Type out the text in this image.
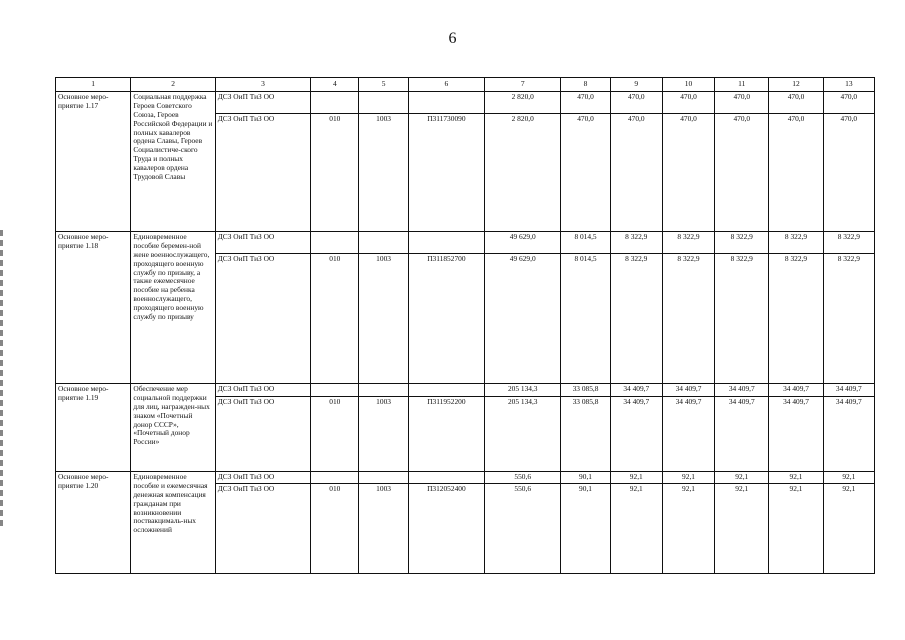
6
1	2	3	4	5	6	7	8	9	10	11	12	13
Основное меро-приятие 1.17	Социальная поддержка Героев Советского Союза, Героев Российской Федерации и полных кавалеров ордена Славы, Героев Социалистиче-ского Труда и полных кавалеров ордена Трудовой Славы	ДСЗ ОиП ТиЗ ОО				2 820,0	470,0	470,0	470,0	470,0	470,0	470,0
		ДСЗ ОиП ТиЗ ОО	010	1003	П311730090	2 820,0	470,0	470,0	470,0	470,0	470,0	470,0
Основное меро-приятие 1.18	Единовременное пособие беремен-ной жене военнослужащего, проходящего военную службу по призыву, а также ежемесячное пособие на ребенка военнослужащего, проходящего военную службу по призыву	ДСЗ ОиП ТиЗ ОО				49 629,0	8 014,5	8 322,9	8 322,9	8 322,9	8 322,9	8 322,9
		ДСЗ ОиП ТиЗ ОО	010	1003	П311852700	49 629,0	8 014,5	8 322,9	8 322,9	8 322,9	8 322,9	8 322,9
Основное меро-приятие 1.19	Обеспечение мер социальной поддержки для лиц, награжден-ных знаком «Почетный донор СССР», «Почетный донор России»	ДСЗ ОиП ТиЗ ОО				205 134,3	33 085,8	34 409,7	34 409,7	34 409,7	34 409,7	34 409,7
		ДСЗ ОиП ТиЗ ОО	010	1003	П311952200	205 134,3	33 085,8	34 409,7	34 409,7	34 409,7	34 409,7	34 409,7
Основное меро-приятие 1.20	Единовременное пособие и ежемесячная денежная компенсация гражданам при возникновении поствакцималь-ных осложнений	ДСЗ ОиП ТиЗ ОО				550,6	90,1	92,1	92,1	92,1	92,1	92,1
		ДСЗ ОиП ТиЗ ОО	010	1003	П312052400	550,6	90,1	92,1	92,1	92,1	92,1	92,1
